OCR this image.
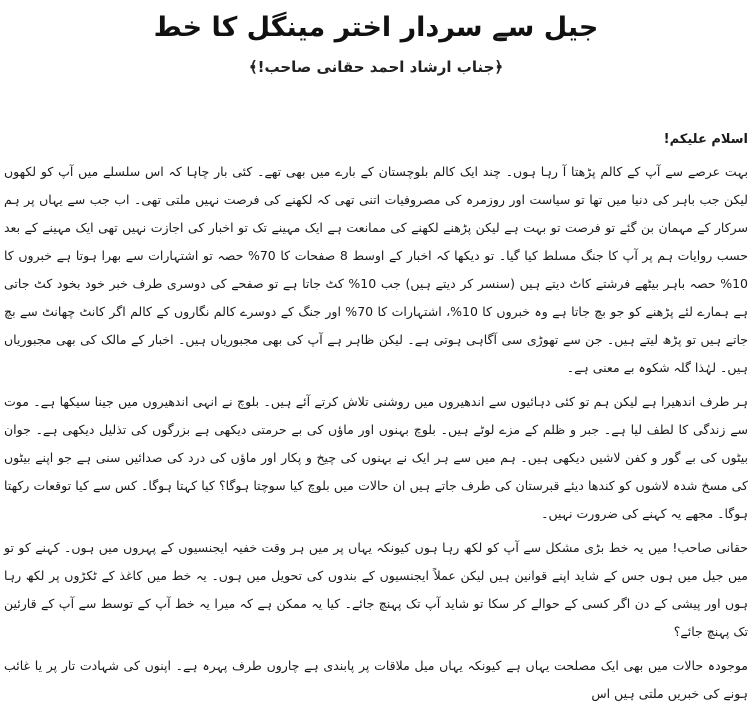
جیل سے سردار اختر مینگل کا خط
﴿جناب ارشاد احمد حقانی صاحب!﴾
اسلام علیکم!

بہت عرصے سے آپ کے کالم پڑھتا آ رہا ہوں۔ چند ایک کالم بلوچستان کے بارے میں بھی تھے۔ کئی بار چاہا کہ اس سلسلے میں آپ کو لکھوں لیکن جب باہر کی دنیا میں تھا تو سیاست اور روزمرہ کی مصروفیات اتنی تھی کہ لکھنے کی فرصت نہیں ملتی تھی۔ اب جب سے یہاں پر ہم سرکار کے مہمان بن گئے تو فرصت تو بہت ہے لیکن پڑھنے لکھنے کی ممانعت ہے ایک مہینے تک تو اخبار کی اجازت نہیں تھی ایک مہینے کے بعد حسب روایات ہم پر آپ کا جنگ مسلط کیا گیا۔ تو دیکھا کہ اخبار کے اوسط 8 صفحات کا 70% حصہ تو اشتہارات سے بھرا ہوتا ہے خبروں کا 10% حصہ باہر بیٹھے فرشتے کاٹ دیتے ہیں (سنسر کر دیتے ہیں) جب 10% کٹ جاتا ہے تو صفحے کی دوسری طرف خبر خود بخود کٹ جاتی ہے ہمارے لئے پڑھنے کو جو بچ جاتا ہے وہ خبروں کا 10%، اشتہارات کا 70% اور جنگ کے دوسرے کالم نگاروں کے کالم اگر کانٹ چھانٹ سے بچ جاتے ہیں تو پڑھ لیتے ہیں۔ جن سے تھوڑی سی آگاہی ہوتی ہے۔ لیکن ظاہر ہے آپ کی بھی مجبوریاں ہیں۔ اخبار کے مالک کی بھی مجبوریاں ہیں۔ لہٰذا گلہ شکوہ بے معنی ہے۔

ہر طرف اندھیرا ہے لیکن ہم تو کئی دہائیوں سے اندھیروں میں روشنی تلاش کرتے آئے ہیں۔ بلوچ نے انہی اندھیروں میں جینا سیکھا ہے۔ موت سے زندگی کا لطف لیا ہے۔ جبر و ظلم کے مزے لوٹے ہیں۔ بلوچ بہنوں اور ماؤں کی بے حرمتی دیکھی ہے بزرگوں کی تذلیل دیکھی ہے۔ جوان بیٹوں کی بے گور و کفن لاشیں دیکھی ہیں۔ ہم میں سے ہر ایک نے بہنوں کی چیخ و پکار اور ماؤں کی درد کی صدائیں سنی ہے جو اپنے بیٹوں کی مسخ شدہ لاشوں کو کندھا دیئے قبرستان کی طرف جاتے ہیں ان حالات میں بلوچ کیا سوچتا ہوگا؟ کیا کہتا ہوگا۔ کس سے کیا توقعات رکھتا ہوگا۔ مجھے یہ کہنے کی ضرورت نہیں۔

حقانی صاحب! میں یہ خط بڑی مشکل سے آپ کو لکھ رہا ہوں کیونکہ یہاں پر میں ہر وقت خفیہ ایجنسیوں کے پہروں میں ہوں۔ کہنے کو تو میں جیل میں ہوں جس کے شاید اپنے قوانین ہیں لیکن عملاً ایجنسیوں کے بندوں کی تحویل میں ہوں۔ یہ خط میں کاغذ کے ٹکڑوں پر لکھ رہا ہوں اور پیشی کے دن اگر کسی کے حوالے کر سکا تو شاید آپ تک پہنچ جائے۔ کیا یہ ممکن ہے کہ میرا یہ خط آپ کے توسط سے آپ کے قارئین تک پہنچ جائے؟

موجودہ حالات میں بھی ایک مصلحت یہاں ہے کیونکہ یہاں میل ملاقات پر پابندی ہے چاروں طرف پہرہ ہے۔ اپنوں کی شہادت تار پر یا غائب ہونے کی خبریں ملتی ہیں اس
